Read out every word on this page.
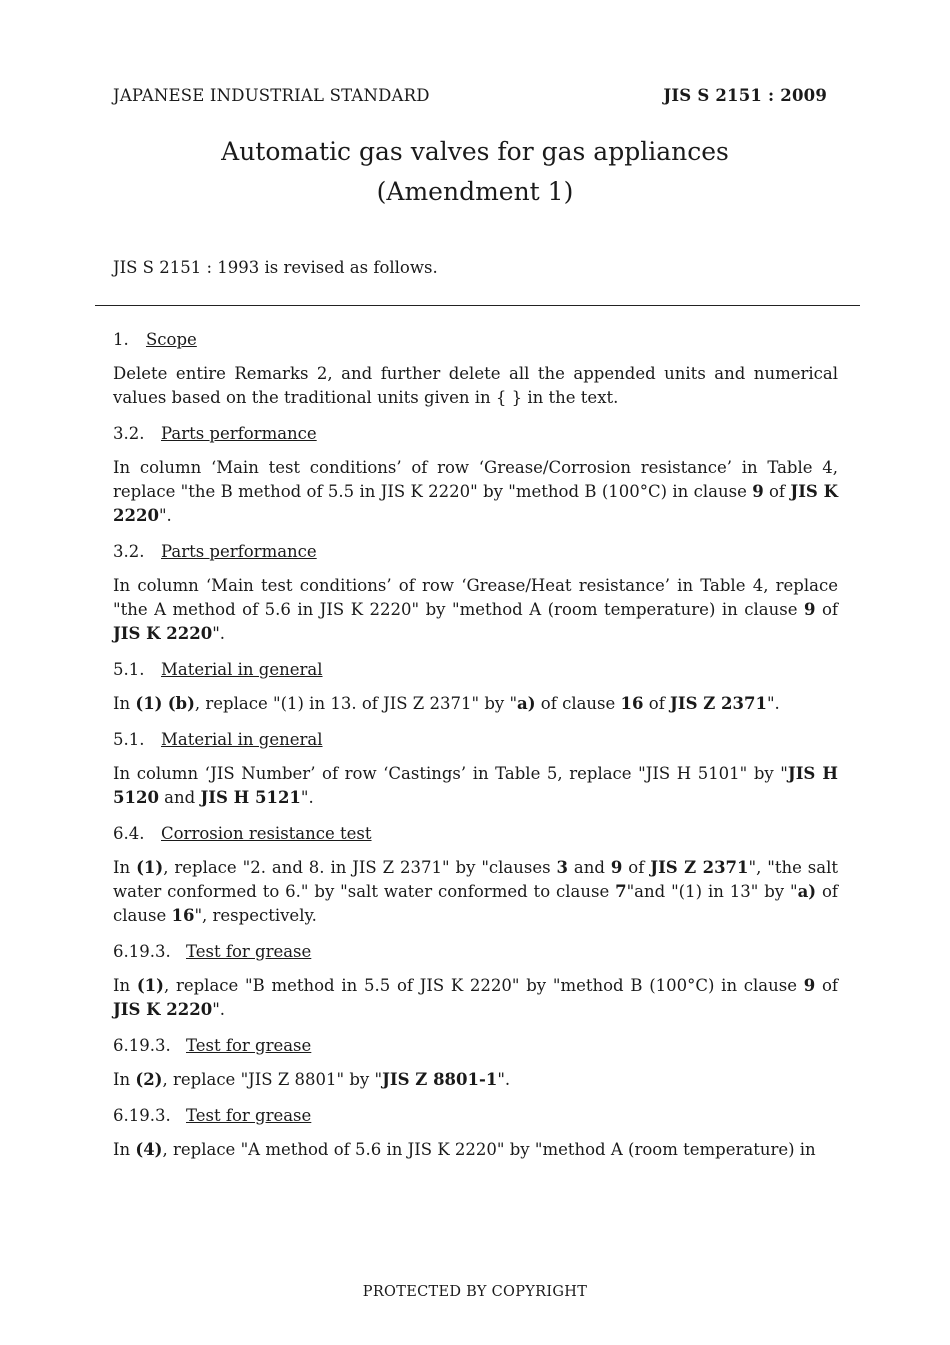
JAPANESE INDUSTRIAL STANDARD	JIS S 2151 : 2009
Automatic gas valves for gas appliances
(Amendment 1)
JIS S 2151 : 1993 is revised as follows.
1. Scope

Delete entire Remarks 2, and further delete all the appended units and numerical values based on the traditional units given in { } in the text.

3.2. Parts performance

In column ‘Main test conditions’ of row ‘Grease/Corrosion resistance’ in Table 4, replace "the B method of 5.5 in JIS K 2220" by "method B (100°C) in clause 9 of JIS K 2220".

3.2. Parts performance

In column ‘Main test conditions’ of row ‘Grease/Heat resistance’ in Table 4, replace "the A method of 5.6 in JIS K 2220" by "method A (room temperature) in clause 9 of JIS K 2220".

5.1. Material in general

In (1) (b), replace "(1) in 13. of JIS Z 2371" by "a) of clause 16 of JIS Z 2371".

5.1. Material in general

In column ‘JIS Number’ of row ‘Castings’ in Table 5, replace "JIS H 5101" by "JIS H 5120 and JIS H 5121".

6.4. Corrosion resistance test

In (1), replace "2. and 8. in JIS Z 2371" by "clauses 3 and 9 of JIS Z 2371", "the salt water conformed to 6." by "salt water conformed to clause 7"and "(1) in 13" by "a) of clause 16", respectively.

6.19.3. Test for grease

In (1), replace "B method in 5.5 of JIS K 2220" by "method B (100°C) in clause 9 of JIS K 2220".

6.19.3. Test for grease

In (2), replace "JIS Z 8801" by "JIS Z 8801-1".

6.19.3. Test for grease

In (4), replace "A method of 5.6 in JIS K 2220" by "method A (room temperature) in

PROTECTED BY COPYRIGHT
